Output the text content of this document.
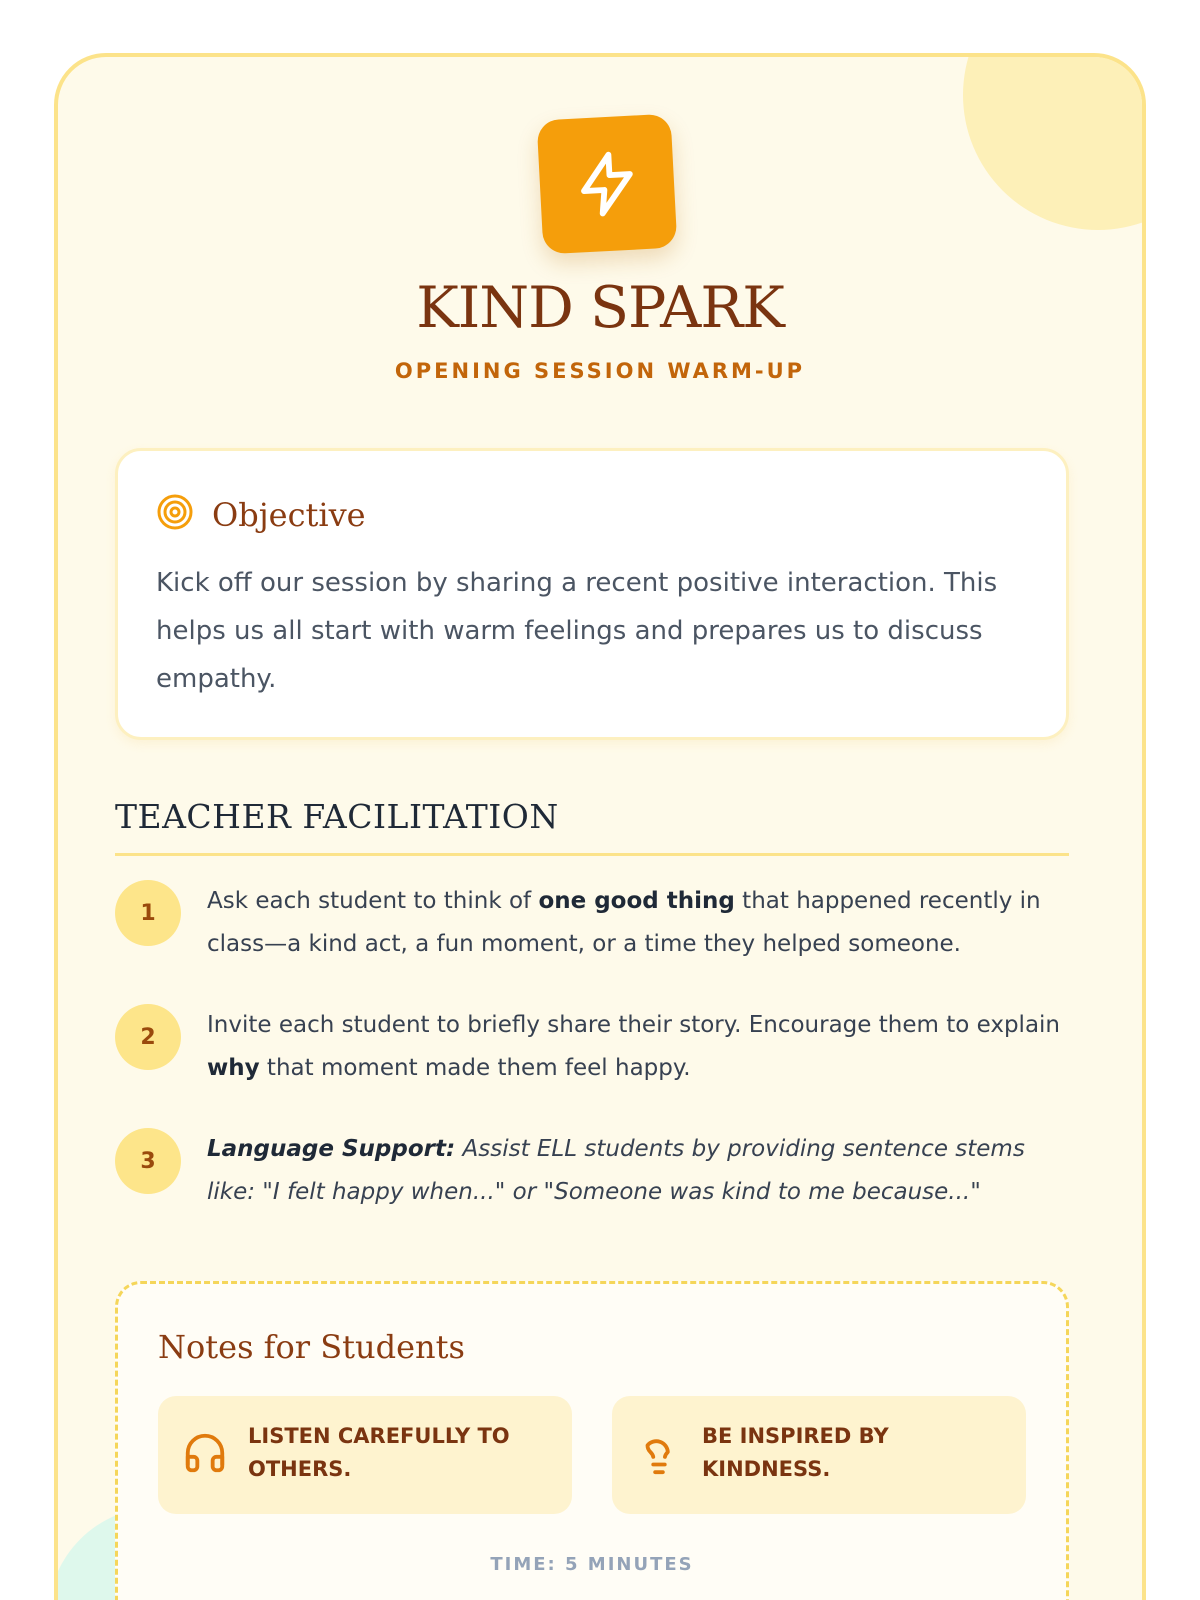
KIND SPARK
OPENING SESSION WARM-UP
Objective
Kick off our session by sharing a recent positive interaction. This helps us all start with warm feelings and prepares us to discuss empathy.
TEACHER FACILITATION
1	Ask each student to think of one good thing that happened recently in class—a kind act, a fun moment, or a time they helped someone.
2	Invite each student to briefly share their story. Encourage them to explain why that moment made them feel happy.
3	Language Support: Assist ELL students by providing sentence stems like: "I felt happy when..." or "Someone was kind to me because..."
Notes for Students
LISTEN CAREFULLY TO OTHERS.
BE INSPIRED BY KINDNESS.
TIME: 5 MINUTES
